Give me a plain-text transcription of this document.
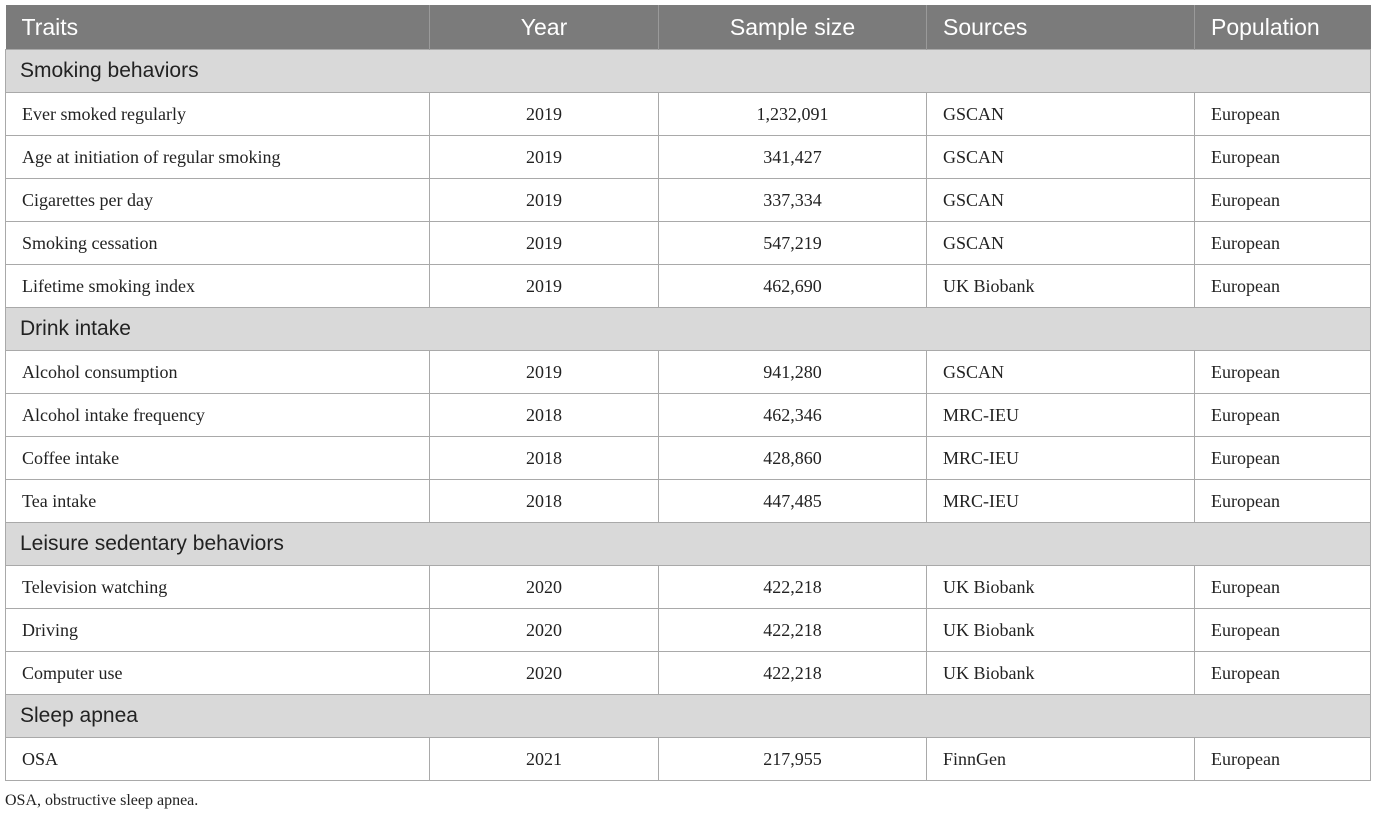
Traits	Year	Sample size	Sources	Population
Smoking behaviors				
Ever smoked regularly	2019	1,232,091	GSCAN	European
Age at initiation of regular smoking	2019	341,427	GSCAN	European
Cigarettes per day	2019	337,334	GSCAN	European
Smoking cessation	2019	547,219	GSCAN	European
Lifetime smoking index	2019	462,690	UK Biobank	European
Drink intake				
Alcohol consumption	2019	941,280	GSCAN	European
Alcohol intake frequency	2018	462,346	MRC-IEU	European
Coffee intake	2018	428,860	MRC-IEU	European
Tea intake	2018	447,485	MRC-IEU	European
Leisure sedentary behaviors				
Television watching	2020	422,218	UK Biobank	European
Driving	2020	422,218	UK Biobank	European
Computer use	2020	422,218	UK Biobank	European
Sleep apnea				
OSA	2021	217,955	FinnGen	European
OSA, obstructive sleep apnea.
